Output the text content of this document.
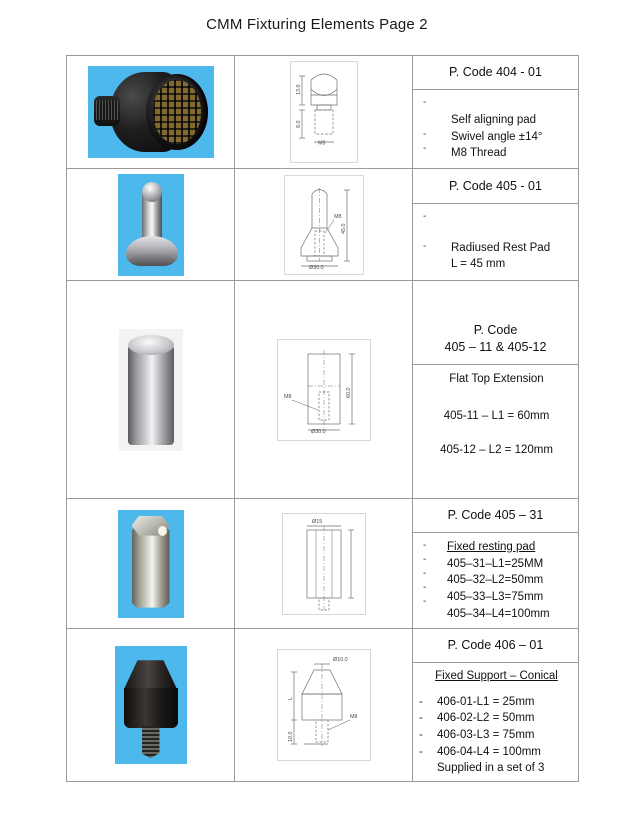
CMM Fixturing Elements Page 2

13.0
8.0
M8

P. Code 404 - 01
-
-
-
Self aligning pad
Swivel angle ±14°
M8 Thread

M8
45.0
Ø30.0

P. Code 405 - 01
-
-	Radiused Rest Pad
L = 45 mm

M8	60.0
Ø30.0

P. Code
405 – 11 & 405-12
Flat Top Extension
405-11 – L1 = 60mm
405-12 – L2 = 120mm

Ø15	P. Code 405 – 31
-
-
-
-
-
Fixed resting pad
405–31–L1=25MM
405–32–L2=50mm
405–33–L3=75mm
405–34–L4=100mm

Ø10.0
L
10.0
M8

P. Code 406 – 01
Fixed Support – Conical
-	406-01-L1 = 25mm
-	406-02-L2 = 50mm
-	406-03-L3 = 75mm
-	406-04-L4 = 100mm
Supplied in a set of 3
